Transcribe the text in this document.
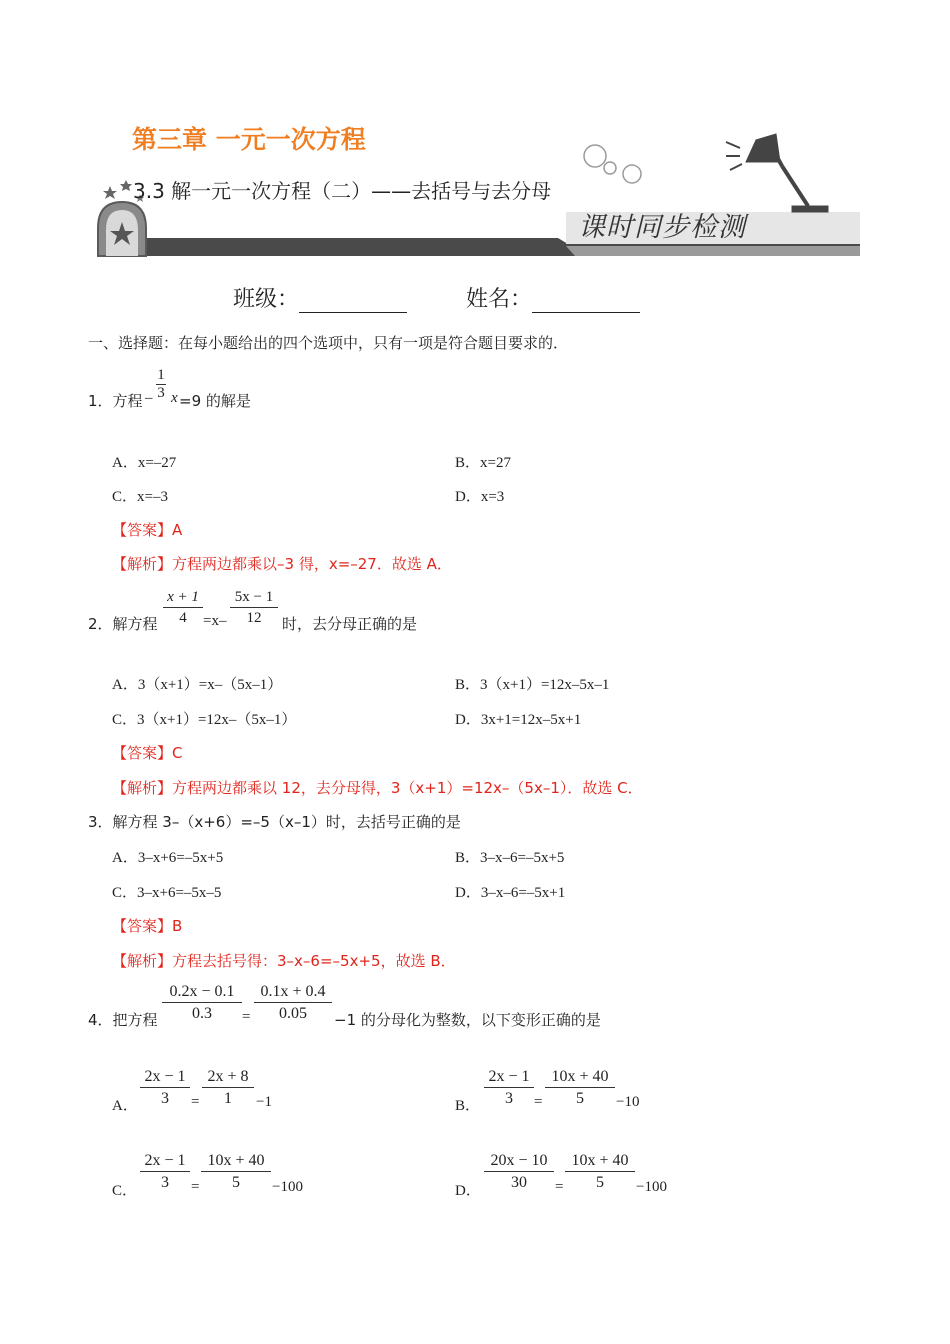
第三章 一元一次方程
3.3 解一元一次方程（二）——去括号与去分母
课时同步检测
班级：	姓名：
一、选择题：在每小题给出的四个选项中，只有一项是符合题目要求的．
1．方程 –
1
3 x =9 的解是
A．x=–27	B．x=27
C．x=–3	D．x=3
【答案】A
【解析】方程两边都乘以–3 得，x=–27．故选 A．
2．解方程
x + 1
4	=x–
5x − 1
12	时，去分母正确的是
A．3（x+1）=x–（5x–1）	B．3（x+1）=12x–5x–1
C．3（x+1）=12x–（5x–1）	D．3x+1=12x–5x+1
【答案】C
【解析】方程两边都乘以 12，去分母得，3（x+1）=12x–（5x–1）．故选 C．
3．解方程 3–（x+6）=–5（x–1）时，去括号正确的是
A．3–x+6=–5x+5	B．3–x–6=–5x+5
C．3–x+6=–5x–5	D．3–x–6=–5x+1
【答案】B
【解析】方程去括号得：3–x–6=–5x+5，故选 B．
4．把方程
0.2x − 0.1
0.3	=
0.1x + 0.4
0.05	−1 的分母化为整数，以下变形正确的是
A．
2x − 1
3	=
2x + 8
1	−1	B．
2x − 1
3	=
10x + 40
5	−10
C．
2x − 1
3	=
10x + 40
5	−100	D．
20x − 10
30	=
10x + 40
5	−100
